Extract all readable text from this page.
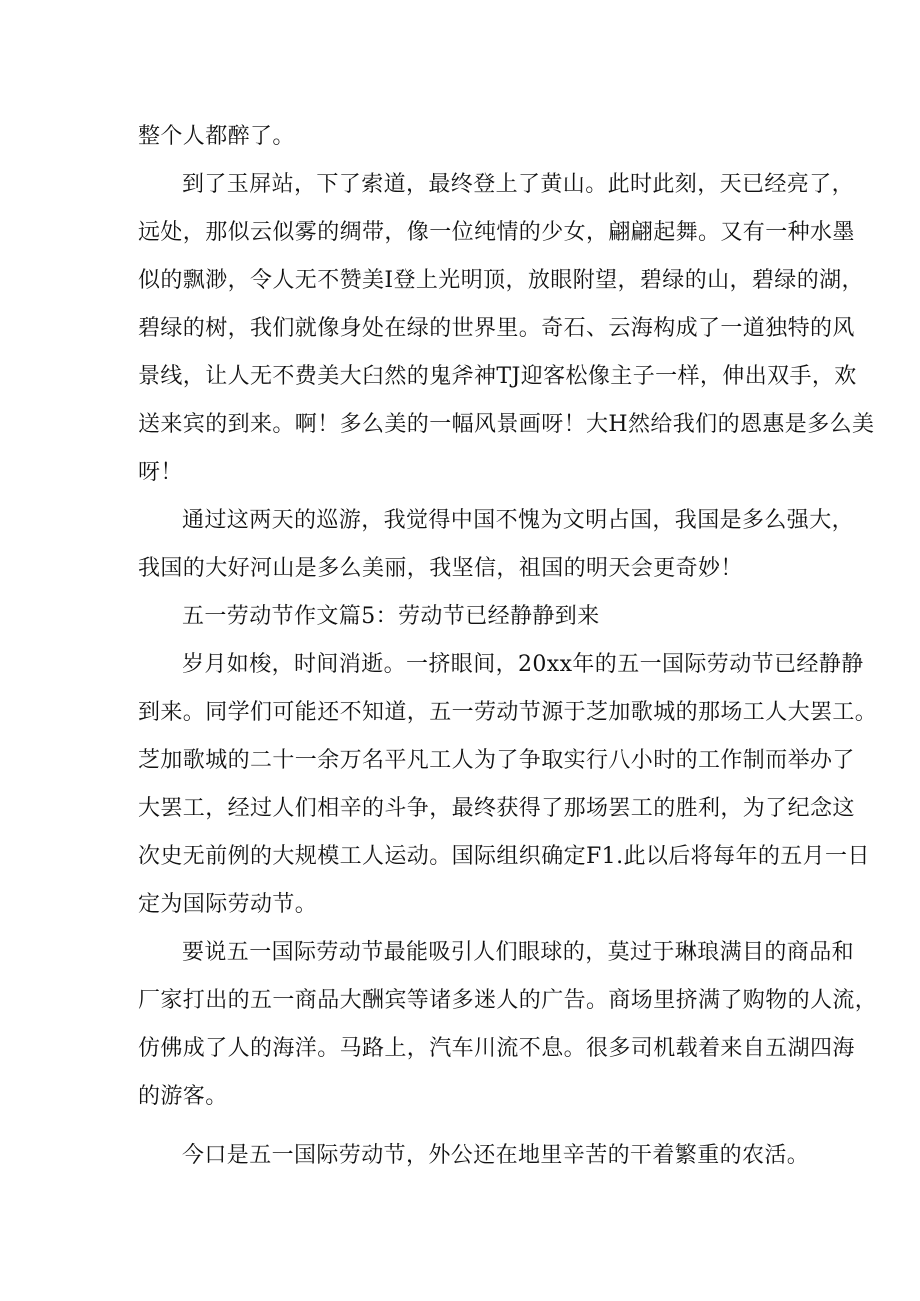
整个人都醉了。
到了玉屏站，下了索道，最终登上了黄山。此时此刻，天已经亮了，
远处，那似云似雾的绸带，像一位纯情的少女，翩翩起舞。又有一种水墨
似的飘渺，令人无不赞美I登上光明顶，放眼附望，碧绿的山，碧绿的湖，
碧绿的树，我们就像身处在绿的世界里。奇石、云海构成了一道独特的风
景线，让人无不费美大臼然的鬼斧神TJ迎客松像主子一样，伸出双手，欢
送来宾的到来。啊！多么美的一幅风景画呀！大H然给我们的恩惠是多么美
呀！
通过这两天的巡游，我觉得中国不愧为文明占国，我国是多么强大，
我国的大好河山是多么美丽，我坚信，祖国的明天会更奇妙！
五一劳动节作文篇5：劳动节已经静静到来
岁月如梭，时间消逝。一挤眼间，20xx年的五一国际劳动节已经静静
到来。同学们可能还不知道，五一劳动节源于芝加歌城的那场工人大罢工。
芝加歌城的二十一余万名平凡工人为了争取实行八小时的工作制而举办了
大罢工，经过人们相辛的斗争，最终获得了那场罢工的胜利，为了纪念这
次史无前例的大规模工人运动。国际组织确定F1.此以后将每年的五月一日
定为国际劳动节。
要说五一国际劳动节最能吸引人们眼球的，莫过于琳琅满目的商品和
厂家打出的五一商品大酬宾等诸多迷人的广告。商场里挤满了购物的人流，
仿佛成了人的海洋。马路上，汽车川流不息。很多司机载着来自五湖四海
的游客。
今口是五一国际劳动节，外公还在地里辛苦的干着繁重的农活。
